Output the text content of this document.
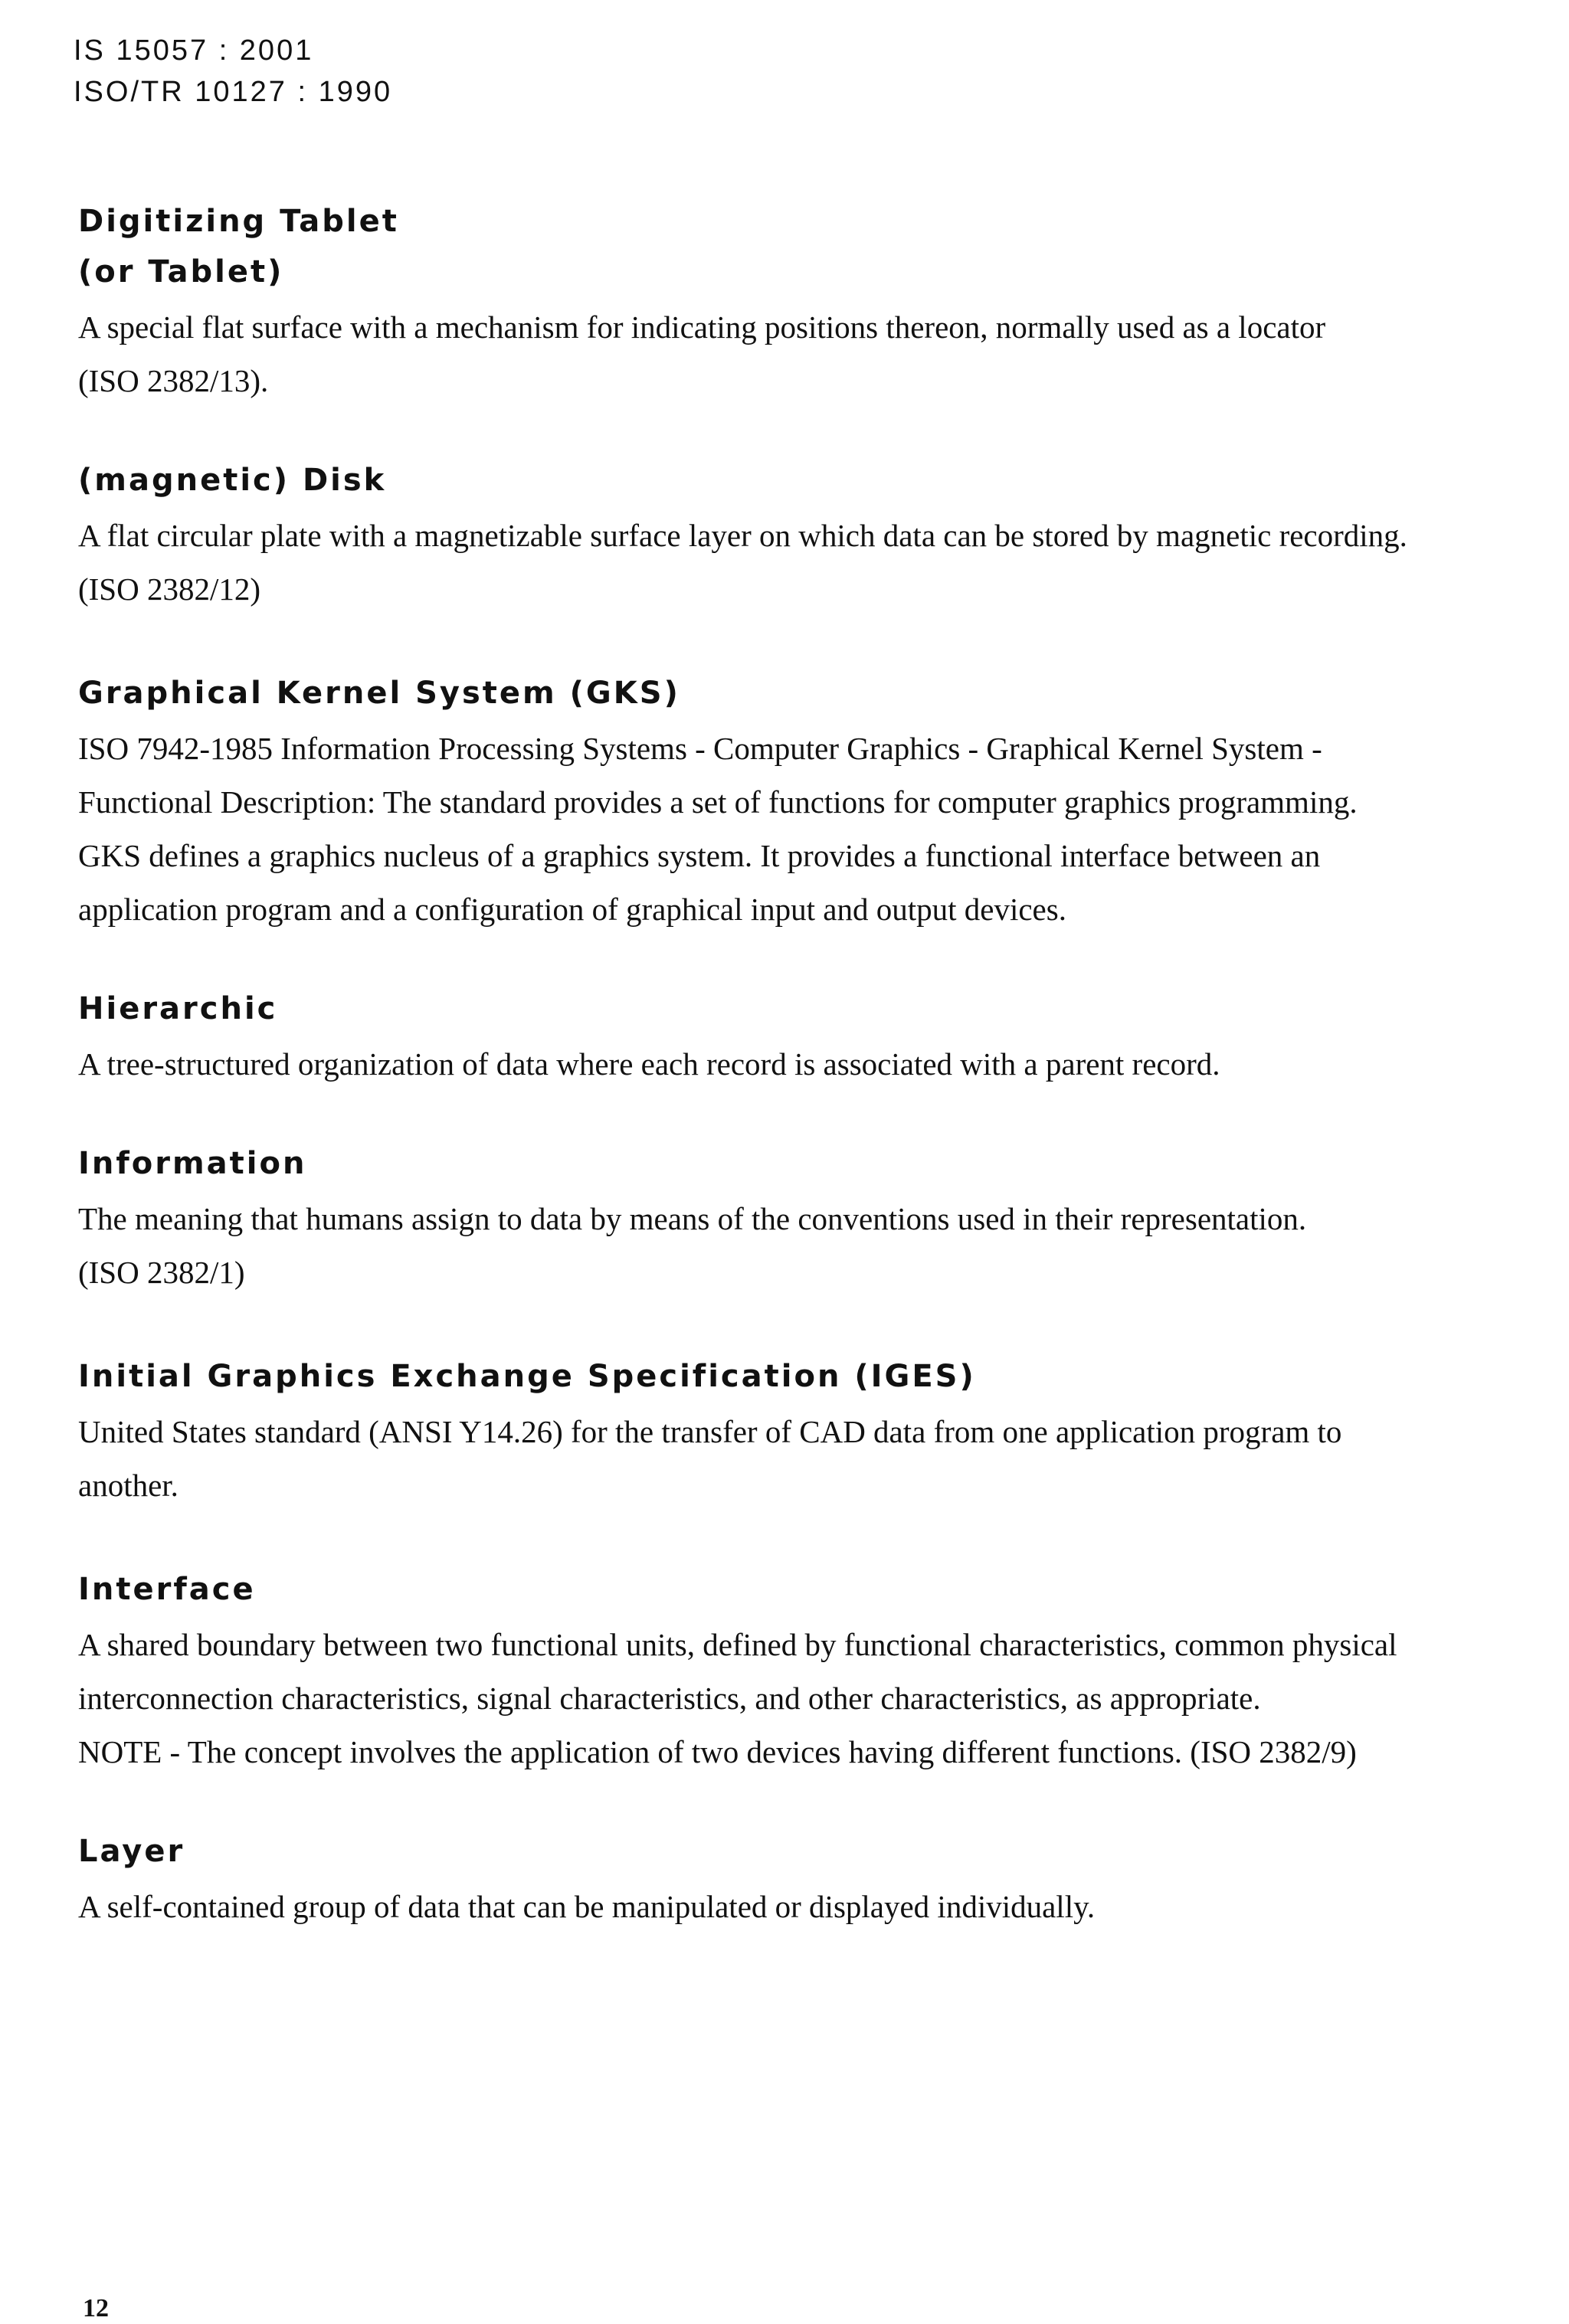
IS 15057 : 2001
ISO/TR 10127 : 1990
Digitizing Tablet
(or Tablet)
A special flat surface with a mechanism for indicating positions thereon, normally used as a locator
(ISO 2382/13).
(magnetic) Disk
A flat circular plate with a magnetizable surface layer on which data can be stored by magnetic recording.
(ISO 2382/12)
Graphical Kernel System (GKS)
ISO 7942-1985 Information Processing Systems - Computer Graphics - Graphical Kernel System -
Functional Description: The standard provides a set of functions for computer graphics programming.
GKS defines a graphics nucleus of a graphics system. It provides a functional interface between an
application program and a configuration of graphical input and output devices.
Hierarchic
A tree-structured organization of data where each record is associated with a parent record.
Information
The meaning that humans assign to data by means of the conventions used in their representation.
(ISO 2382/1)
Initial Graphics Exchange Specification (IGES)
United States standard (ANSI Y14.26) for the transfer of CAD data from one application program to
another.
Interface
A shared boundary between two functional units, defined by functional characteristics, common physical
interconnection characteristics, signal characteristics, and other characteristics, as appropriate.
NOTE - The concept involves the application of two devices having different functions. (ISO 2382/9)
Layer
A self-contained group of data that can be manipulated or displayed individually.
12
